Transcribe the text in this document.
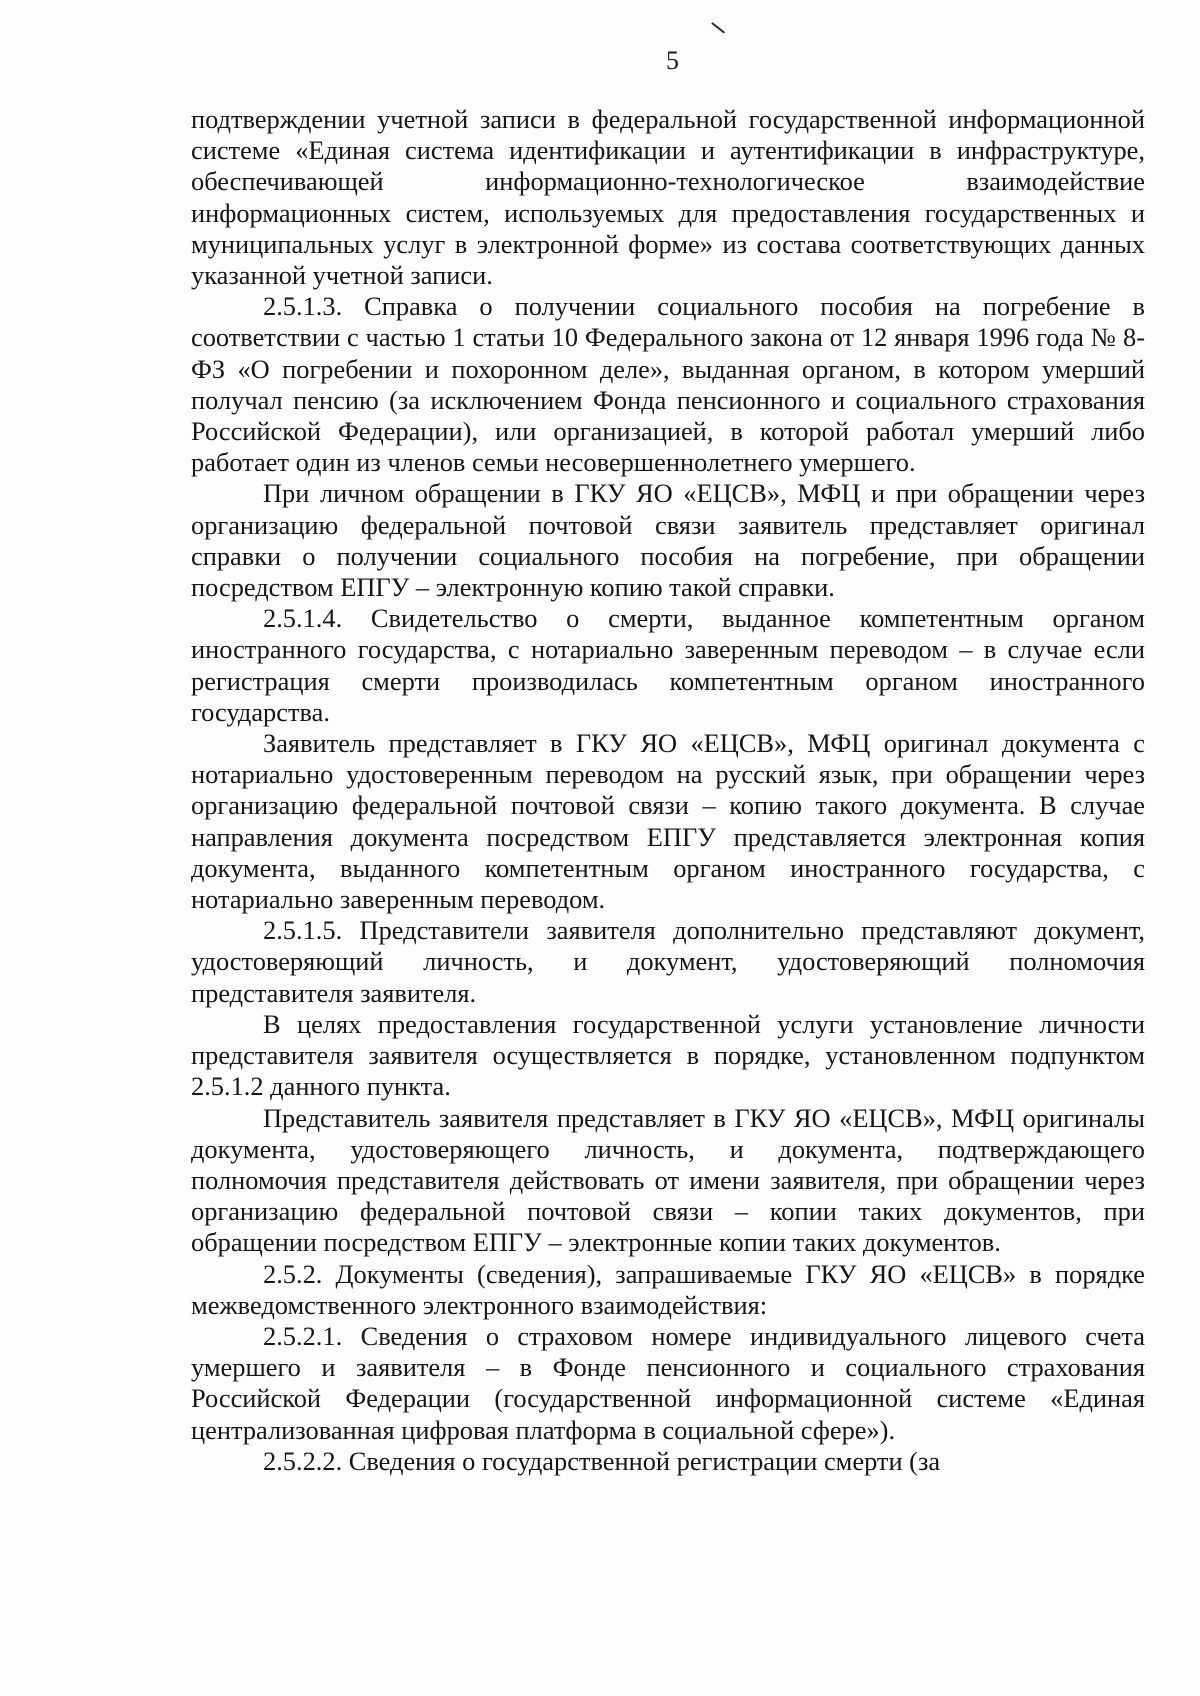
5

подтверждении учетной записи в федеральной государственной информационной системе «Единая система идентификации и аутентификации в инфраструктуре, обеспечивающей информационно-технологическое взаимодействие информационных систем, используемых для предоставления государственных и муниципальных услуг в электронной форме» из состава соответствующих данных указанной учетной записи.

2.5.1.3. Справка о получении социального пособия на погребение в соответствии с частью 1 статьи 10 Федерального закона от 12 января 1996 года № 8-ФЗ «О погребении и похоронном деле», выданная органом, в котором умерший получал пенсию (за исключением Фонда пенсионного и социального страхования Российской Федерации), или организацией, в которой работал умерший либо работает один из членов семьи несовершеннолетнего умершего.

При личном обращении в ГКУ ЯО «ЕЦСВ», МФЦ и при обращении через организацию федеральной почтовой связи заявитель представляет оригинал справки о получении социального пособия на погребение, при обращении посредством ЕПГУ – электронную копию такой справки.

2.5.1.4. Свидетельство о смерти, выданное компетентным органом иностранного государства, с нотариально заверенным переводом – в случае если регистрация смерти производилась компетентным органом иностранного государства.

Заявитель представляет в ГКУ ЯО «ЕЦСВ», МФЦ оригинал документа с нотариально удостоверенным переводом на русский язык, при обращении через организацию федеральной почтовой связи – копию такого документа. В случае направления документа посредством ЕПГУ представляется электронная копия документа, выданного компетентным органом иностранного государства, с нотариально заверенным переводом.

2.5.1.5. Представители заявителя дополнительно представляют документ, удостоверяющий личность, и документ, удостоверяющий полномочия представителя заявителя.

В целях предоставления государственной услуги установление личности представителя заявителя осуществляется в порядке, установленном подпунктом 2.5.1.2 данного пункта.

Представитель заявителя представляет в ГКУ ЯО «ЕЦСВ», МФЦ оригиналы документа, удостоверяющего личность, и документа, подтверждающего полномочия представителя действовать от имени заявителя, при обращении через организацию федеральной почтовой связи – копии таких документов, при обращении посредством ЕПГУ – электронные копии таких документов.

2.5.2. Документы (сведения), запрашиваемые ГКУ ЯО «ЕЦСВ» в порядке межведомственного электронного взаимодействия:

2.5.2.1. Сведения о страховом номере индивидуального лицевого счета умершего и заявителя – в Фонде пенсионного и социального страхования Российской Федерации (государственной информационной системе «Единая централизованная цифровая платформа в социальной сфере»).

2.5.2.2. Сведения о государственной регистрации смерти (за
